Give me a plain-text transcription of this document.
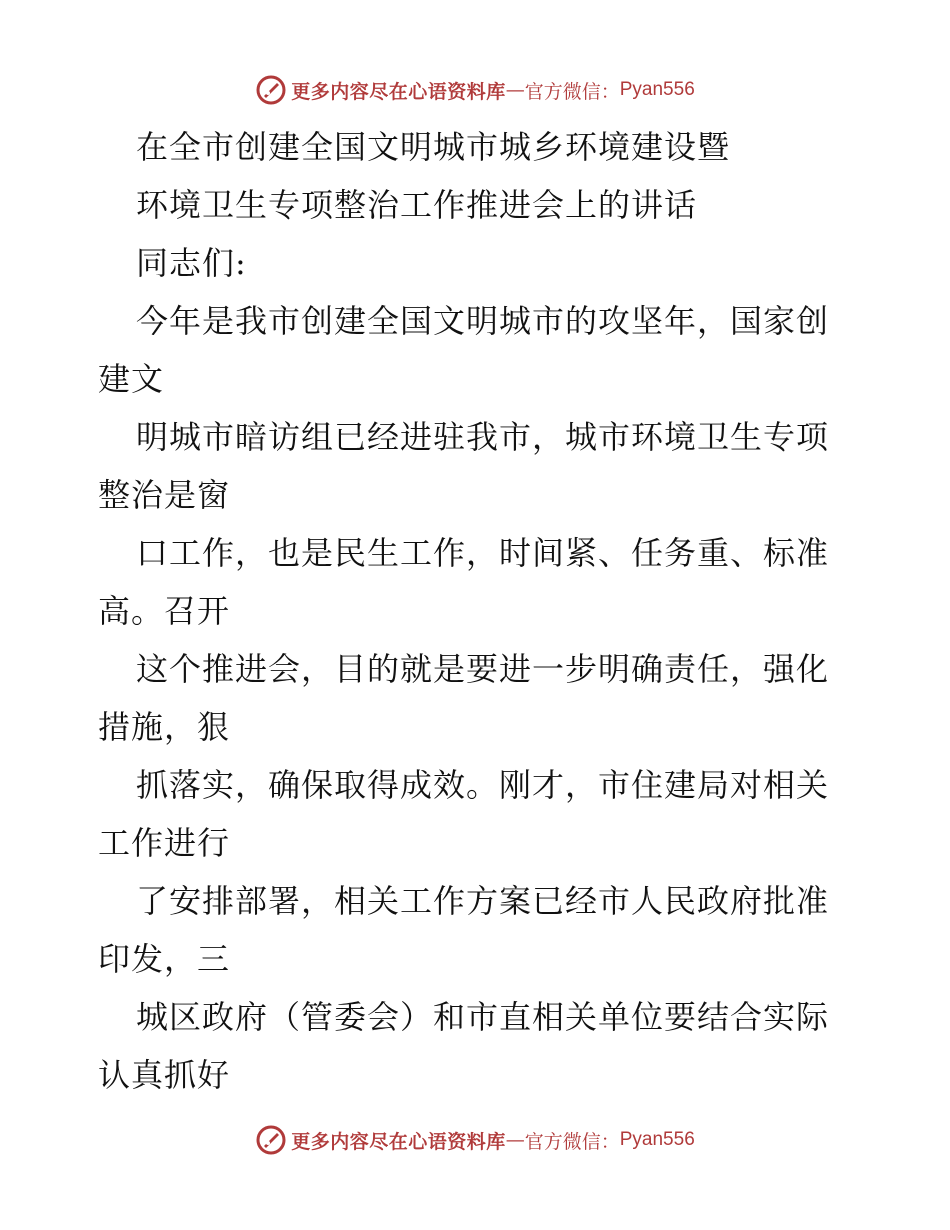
更多内容尽在心语资料库 — 官方微信： Pyan556
在全市创建全国文明城市城乡环境建设暨
环境卫生专项整治工作推进会上的讲话
同志们:
今年是我市创建全国文明城市的攻坚年，国家创
建文
明城市暗访组已经进驻我市，城市环境卫生专项
整治是窗
口工作，也是民生工作，时间紧、任务重、标准
高。召开
这个推进会，目的就是要进一步明确责任，强化
措施，狠
抓落实，确保取得成效。刚才，市住建局对相关
工作进行
了安排部署，相关工作方案已经市人民政府批准
印发，三
城区政府（管委会）和市直相关单位要结合实际
认真抓好
更多内容尽在心语资料库 — 官方微信： Pyan556
